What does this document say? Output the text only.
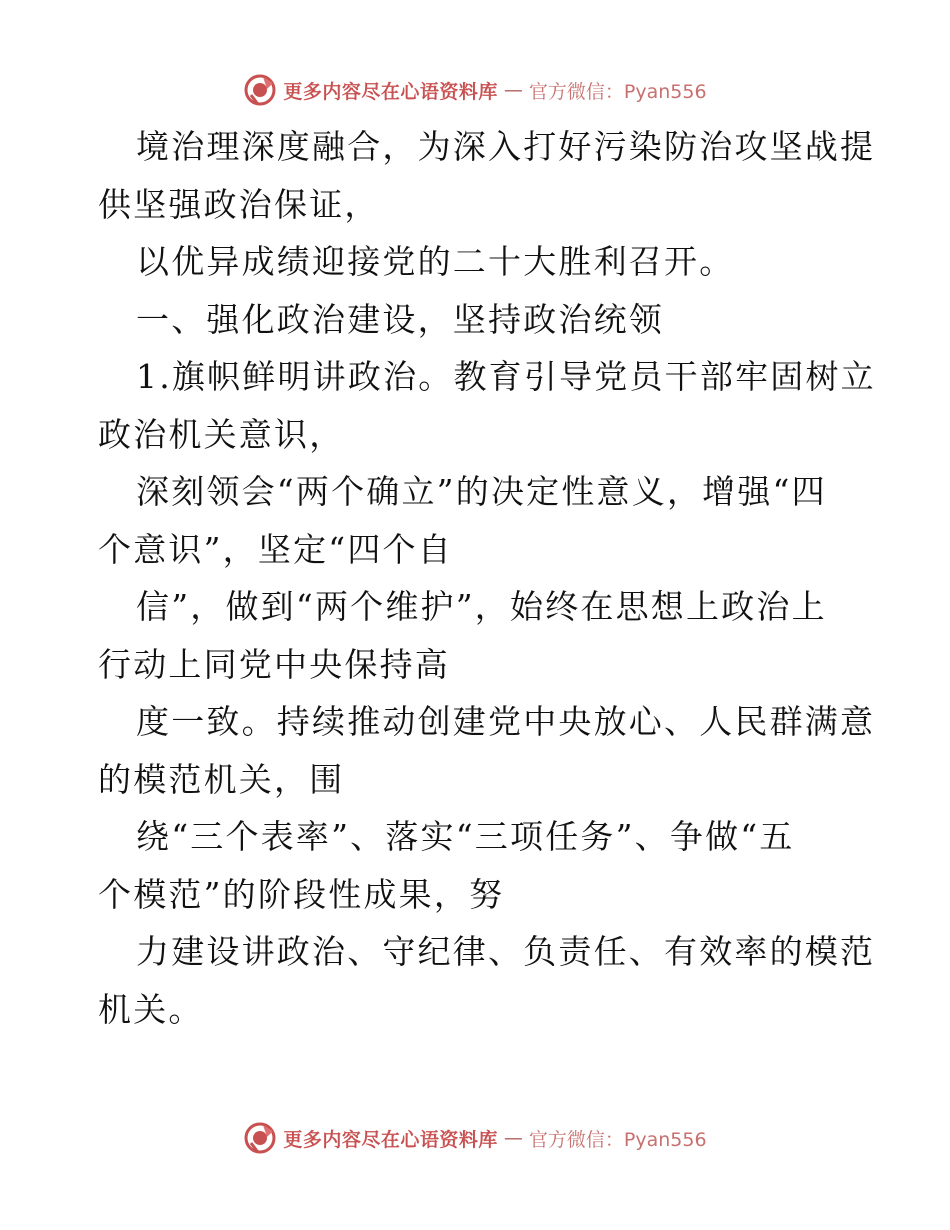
更多内容尽在心语资料库 — 官方微信：Pyan556
境治理深度融合，为深入打好污染防治攻坚战提
供坚强政治保证，
以优异成绩迎接党的二十大胜利召开。
一、强化政治建设，坚持政治统领
1.旗帜鲜明讲政治。教育引导党员干部牢固树立
政治机关意识，
深刻领会“两个确立”的决定性意义，增强“四
个意识”，坚定“四个自
信”，做到“两个维护”，始终在思想上政治上
行动上同党中央保持高
度一致。持续推动创建党中央放心、人民群满意
的模范机关，围
绕“三个表率”、落实“三项任务”、争做“五
个模范”的阶段性成果，努
力建设讲政治、守纪律、负责任、有效率的模范
机关。
更多内容尽在心语资料库 — 官方微信：Pyan556
